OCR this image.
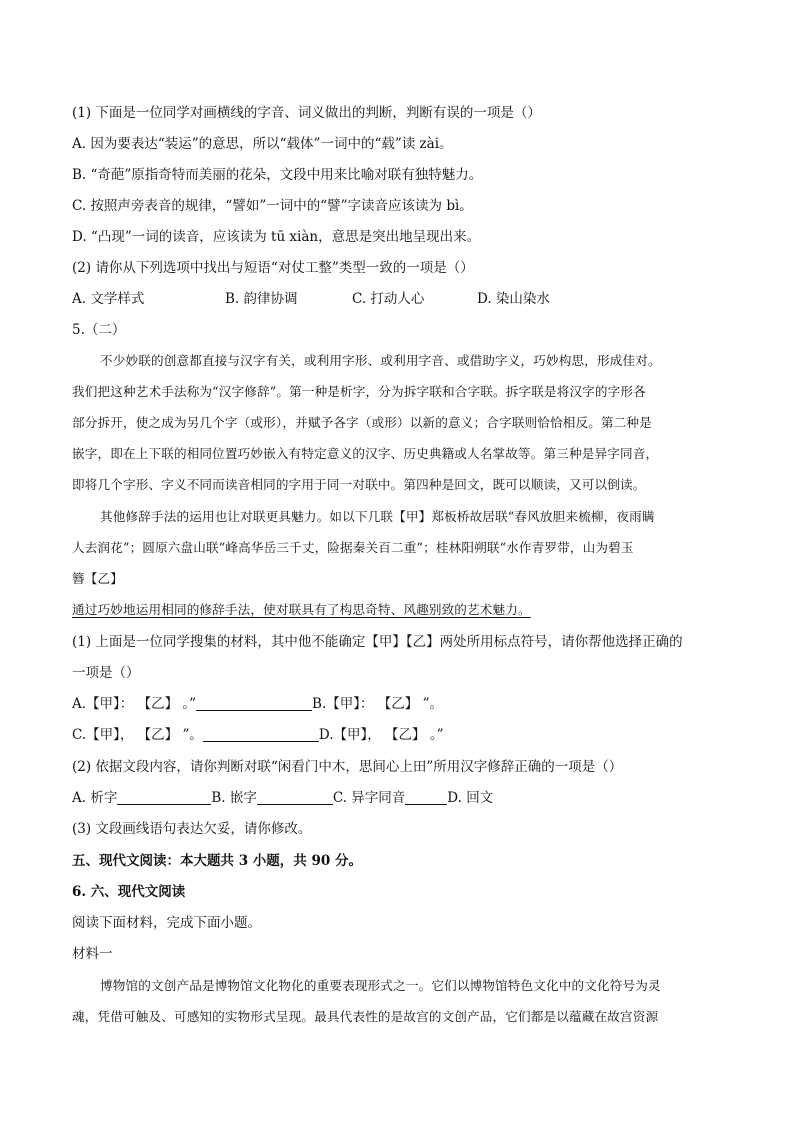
(1) 下面是一位同学对画横线的字音、词义做出的判断，判断有误的一项是（）
A. 因为要表达“装运”的意思，所以“载体”一词中的“载”读 zài。
B. “奇葩”原指奇特而美丽的花朵，文段中用来比喻对联有独特魅力。
C. 按照声旁表音的规律，“譬如”一词中的“譬”字读音应该读为 bì。
D. “凸现”一词的读音，应该读为 tū xiàn，意思是突出地呈现出来。
(2) 请你从下列选项中找出与短语“对仗工整”类型一致的一项是（）
A. 文学样式	B. 韵律协调	C. 打动人心	D. 染山染水
5.（二）
不少妙联的创意都直接与汉字有关，或利用字形、或利用字音、或借助字义，巧妙构思，形成佳对。
我们把这种艺术手法称为“汉字修辞”。第一种是析字，分为拆字联和合字联。拆字联是将汉字的字形各
部分拆开，使之成为另几个字（或形），并赋予各字（或形）以新的意义；合字联则恰恰相反。第二种是
嵌字，即在上下联的相同位置巧妙嵌入有特定意义的汉字、历史典籍或人名掌故等。第三种是异字同音，
即将几个字形、字义不同而读音相同的字用于同一对联中。第四种是回文，既可以顺读，又可以倒读。
其他修辞手法的运用也让对联更具魅力。如以下几联【甲】郑板桥故居联“春风放胆来梳柳，夜雨瞒
人去润花”；圆原六盘山联“峰高华岳三千丈，险据秦关百二重”；桂林阳朔联“水作青罗带，山为碧玉
簪【乙】
通过巧妙地运用相同的修辞手法，使对联具有了构思奇特、风趣别致的艺术魅力。
(1) 上面是一位同学搜集的材料，其中他不能确定【甲】【乙】两处所用标点符号，请你帮他选择正确的
一项是（）
A.【甲】： 【乙】 。”	B.【甲】： 【乙】 ”。
C.【甲】， 【乙】 ”。	D.【甲】， 【乙】 。”
(2) 依据文段内容，请你判断对联“闲看门中木，思间心上田”所用汉字修辞正确的一项是（）
A. 析字	B. 嵌字	C. 异字同音	D. 回文
(3) 文段画线语句表达欠妥，请你修改。
五、现代文阅读：本大题共 3 小题，共 90 分。
6. 六、现代文阅读
阅读下面材料，完成下面小题。
材料一
博物馆的文创产品是博物馆文化物化的重要表现形式之一。它们以博物馆特色文化中的文化符号为灵
魂，凭借可触及、可感知的实物形式呈现。最具代表性的是故宫的文创产品，它们都是以蕴藏在故宫资源
